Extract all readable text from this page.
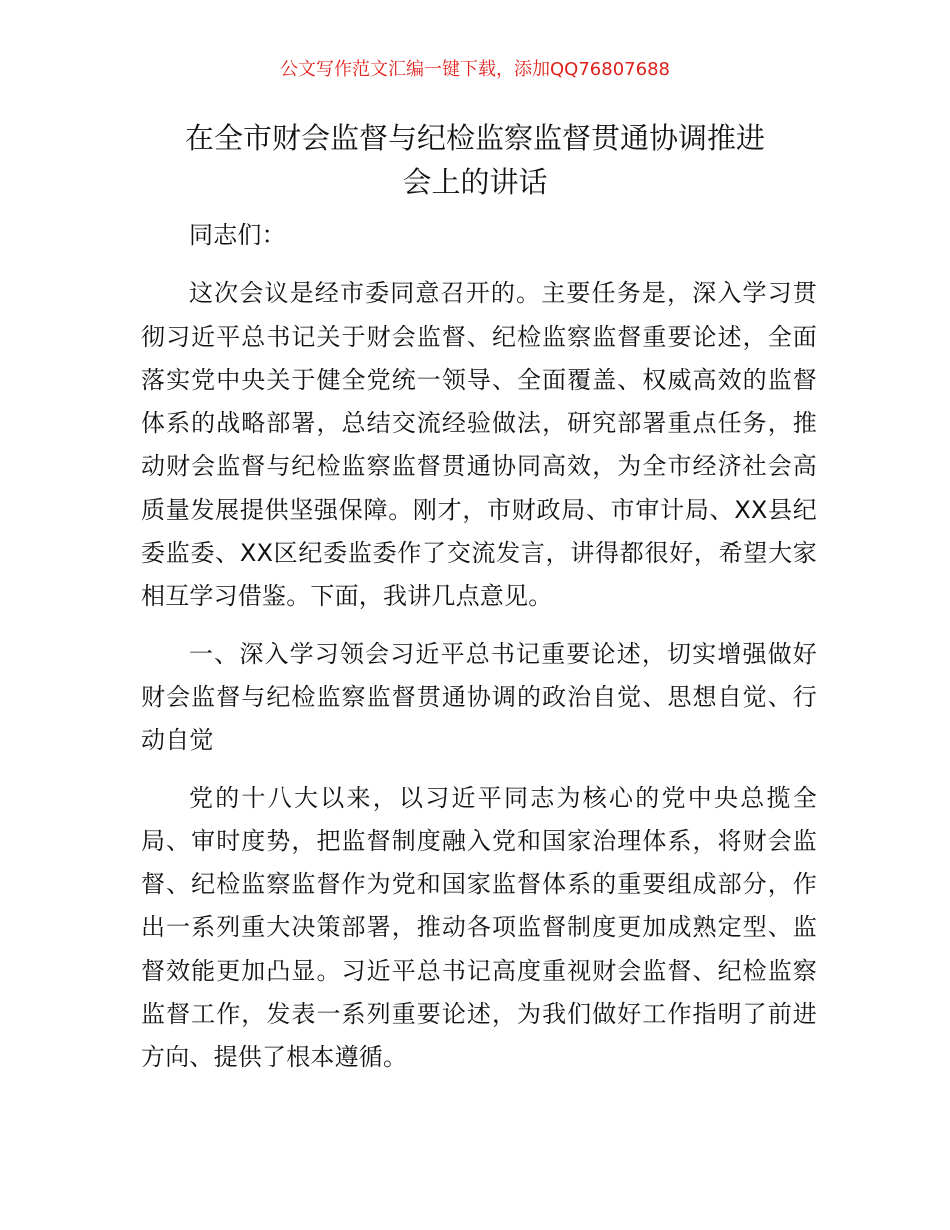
公文写作范文汇编一键下载，添加QQ76807688
在全市财会监督与纪检监察监督贯通协调推进
会上的讲话

同志们：

这次会议是经市委同意召开的。主要任务是，深入学习贯彻习近平总书记关于财会监督、纪检监察监督重要论述，全面落实党中央关于健全党统一领导、全面覆盖、权威高效的监督体系的战略部署，总结交流经验做法，研究部署重点任务，推动财会监督与纪检监察监督贯通协同高效，为全市经济社会高质量发展提供坚强保障。刚才，市财政局、市审计局、XX县纪委监委、XX区纪委监委作了交流发言，讲得都很好，希望大家相互学习借鉴。下面，我讲几点意见。

一、深入学习领会习近平总书记重要论述，切实增强做好财会监督与纪检监察监督贯通协调的政治自觉、思想自觉、行动自觉

党的十八大以来，以习近平同志为核心的党中央总揽全局、审时度势，把监督制度融入党和国家治理体系，将财会监督、纪检监察监督作为党和国家监督体系的重要组成部分，作出一系列重大决策部署，推动各项监督制度更加成熟定型、监督效能更加凸显。习近平总书记高度重视财会监督、纪检监察监督工作，发表一系列重要论述，为我们做好工作指明了前进方向、提供了根本遵循。
